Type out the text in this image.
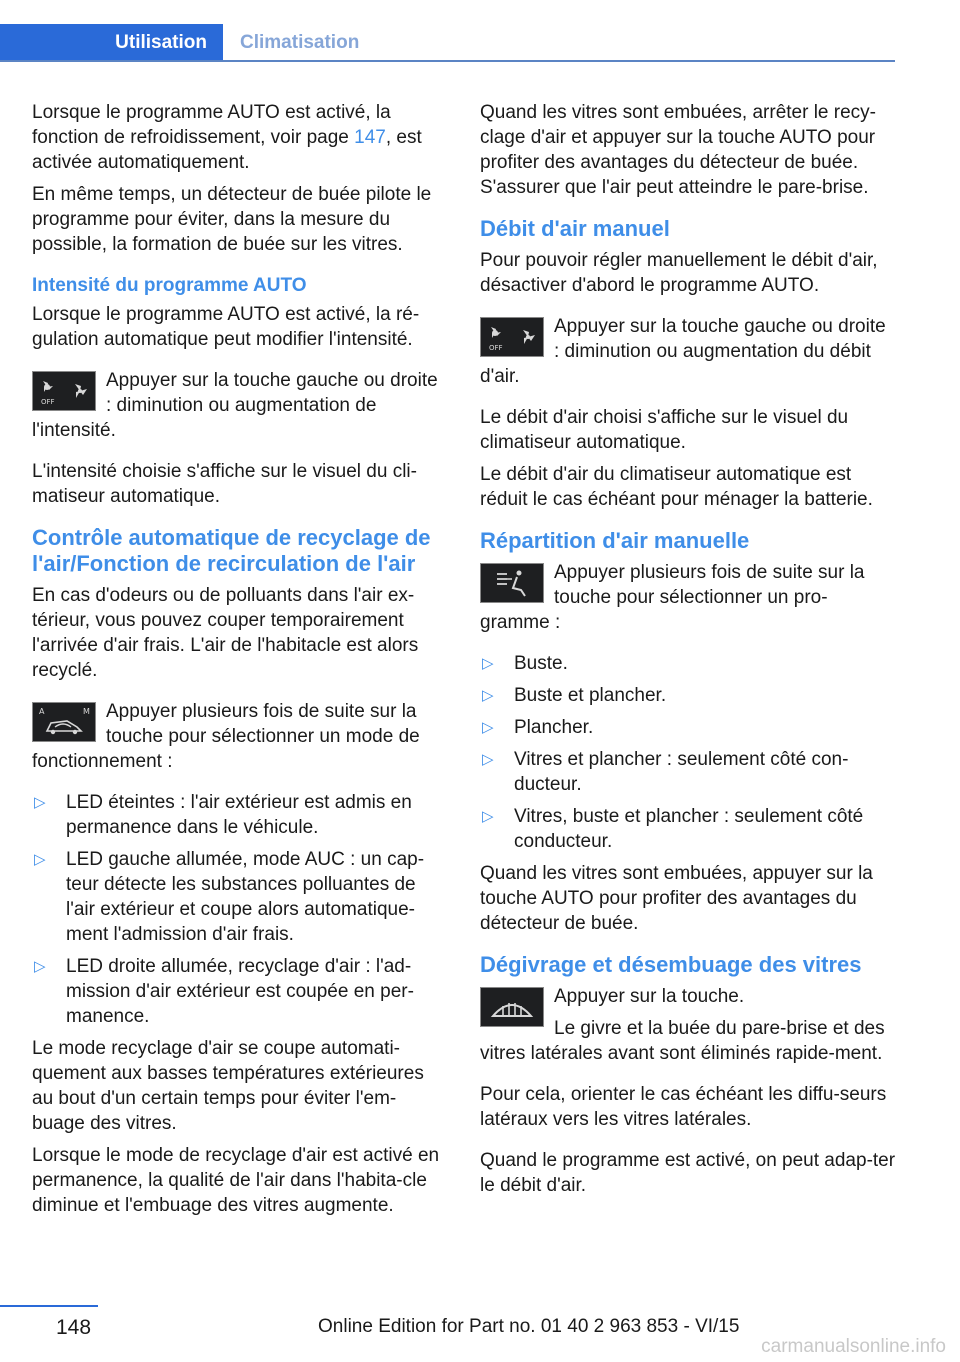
Utilisation	Climatisation

Lorsque le programme AUTO est activé, la fonction de refroidissement, voir page 147, est activée automatiquement.

En même temps, un détecteur de buée pilote le programme pour éviter, dans la mesure du possible, la formation de buée sur les vitres.

Intensité du programme AUTO

Lorsque le programme AUTO est activé, la ré‐gulation automatique peut modifier l'intensité.

OFF

Appuyer sur la touche gauche ou droite : diminution ou augmentation de l'intensité.

L'intensité choisie s'affiche sur le visuel du cli‐matiseur automatique.

Contrôle automatique de recyclage de l'air/Fonction de recirculation de l'air

En cas d'odeurs ou de polluants dans l'air ex‐térieur, vous pouvez couper temporairement l'arrivée d'air frais. L'air de l'habitacle est alors recyclé.

A	M Appuyer plusieurs fois de suite sur la touche pour sélectionner un mode de fonctionnement :

▷ LED éteintes : l'air extérieur est admis en permanence dans le véhicule.
▷ LED gauche allumée, mode AUC : un cap‐teur détecte les substances polluantes de l'air extérieur et coupe alors automatique‐ment l'admission d'air frais.
▷ LED droite allumée, recyclage d'air : l'ad‐mission d'air extérieur est coupée en per‐manence.

Le mode recyclage d'air se coupe automati‐quement aux basses températures extérieures au bout d'un certain temps pour éviter l'em‐buage des vitres.

Lorsque le mode de recyclage d'air est activé en permanence, la qualité de l'air dans l'habita‐cle diminue et l'embuage des vitres augmente.

Quand les vitres sont embuées, arrêter le recy‐clage d'air et appuyer sur la touche AUTO pour profiter des avantages du détecteur de buée. S'assurer que l'air peut atteindre le pare-brise.

Débit d'air manuel

Pour pouvoir régler manuellement le débit d'air, désactiver d'abord le programme AUTO.

OFF

Appuyer sur la touche gauche ou droite : diminution ou augmentation du débit d'air.

Le débit d'air choisi s'affiche sur le visuel du climatiseur automatique.

Le débit d'air du climatiseur automatique est réduit le cas échéant pour ménager la batterie.

Répartition d'air manuelle

Appuyer plusieurs fois de suite sur la touche pour sélectionner un pro‐gramme :

▷ Buste.
▷ Buste et plancher.
▷ Plancher.
▷ Vitres et plancher : seulement côté con‐ducteur.
▷ Vitres, buste et plancher : seulement côté conducteur.

Quand les vitres sont embuées, appuyer sur la touche AUTO pour profiter des avantages du détecteur de buée.

Dégivrage et désembuage des vitres

Appuyer sur la touche.

Le givre et la buée du pare-brise et des vitres latérales avant sont éliminés rapide‐ment.

Pour cela, orienter le cas échéant les diffu‐seurs latéraux vers les vitres latérales.

Quand le programme est activé, on peut adap‐ter le débit d'air.

148	Online Edition for Part no. 01 40 2 963 853 - VI/15
carmanualsonline.info
